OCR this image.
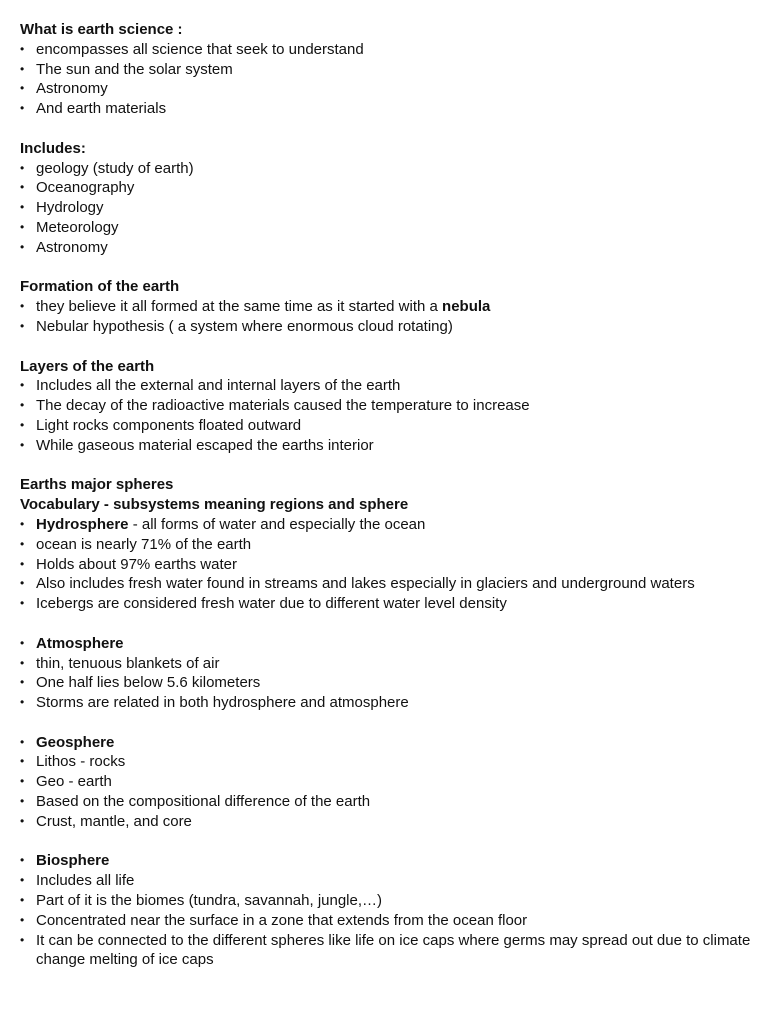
What is earth science :

• encompasses all science that seek to understand
• The sun and the solar system
• Astronomy
• And earth materials

Includes:

• geology (study of earth)
• Oceanography
• Hydrology
• Meteorology
• Astronomy

Formation of the earth

• they believe it all formed at the same time as it started with a nebula
• Nebular hypothesis ( a system where enormous cloud rotating)

Layers of the earth

• Includes all the external and internal layers of the earth
• The decay of the radioactive materials caused the temperature to increase
• Light rocks components floated outward
• While gaseous material escaped the earths interior

Earths major spheres

Vocabulary - subsystems meaning regions and sphere

• Hydrosphere - all forms of water and especially the ocean
• ocean is nearly 71% of the earth
• Holds about 97% earths water
• Also includes fresh water found in streams and lakes especially in glaciers and underground waters
• Icebergs are considered fresh water due to different water level density
• Atmosphere
• thin, tenuous blankets of air
• One half lies below 5.6 kilometers
• Storms are related in both hydrosphere and atmosphere
• Geosphere
• Lithos - rocks
• Geo - earth
• Based on the compositional difference of the earth
• Crust, mantle, and core
• Biosphere
• Includes all life
• Part of it is the biomes (tundra, savannah, jungle,…)
• Concentrated near the surface in a zone that extends from the ocean floor
• It can be connected to the different spheres like life on ice caps where germs may spread out due to climate change melting of ice caps
